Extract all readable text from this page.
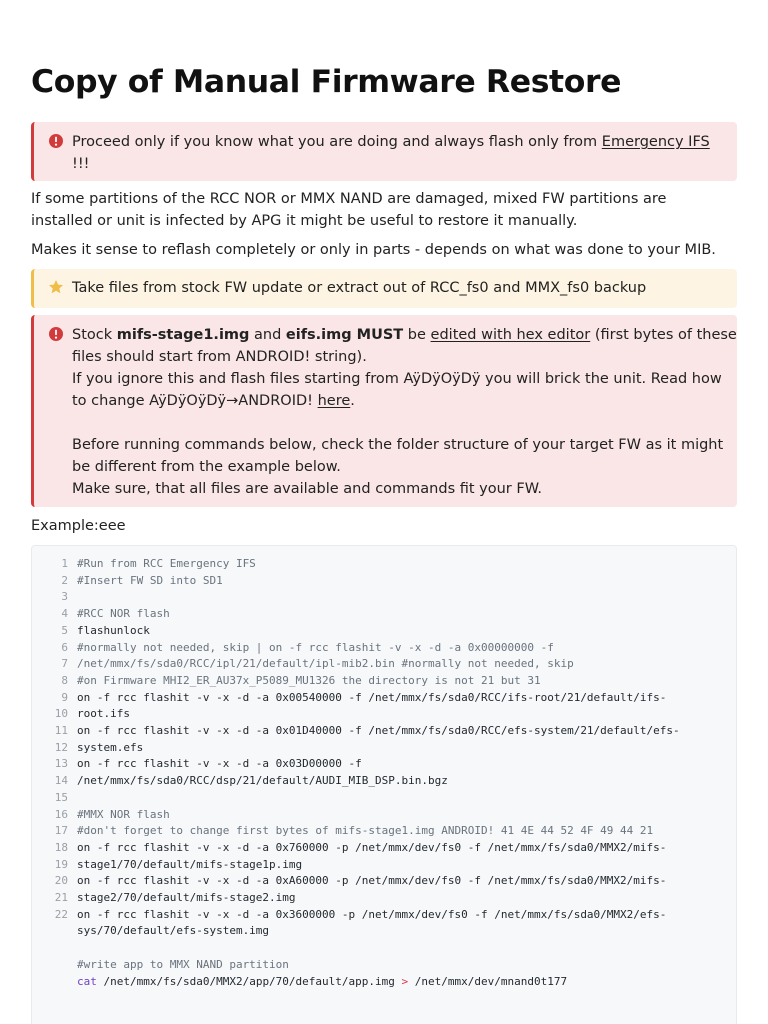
Copy of Manual Firmware Restore
Proceed only if you know what you are doing and always flash only from Emergency IFS
!!!
If some partitions of the RCC NOR or MMX NAND are damaged, mixed FW partitions are
installed or unit is infected by APG it might be useful to restore it manually.
Makes it sense to reflash completely or only in parts - depends on what was done to your MIB.
Take files from stock FW update or extract out of RCC_fs0 and MMX_fs0 backup
Stock mifs-stage1.img and eifs.img MUST be edited with hex editor (first bytes of these
files should start from ANDROID! string).
If you ignore this and flash files starting from AÿDÿOÿDÿ you will brick the unit. Read how
to change AÿDÿOÿDÿ→ANDROID! here.
Before running commands below, check the folder structure of your target FW as it might
be different from the example below.
Make sure, that all files are available and commands fit your FW.
Example:eee
1 #Run from RCC Emergency IFS
2 #Insert FW SD into SD1
3
4 #RCC NOR flash
5 flashunlock
6 #normally not needed, skip | on -f rcc flashit -v -x -d -a 0x00000000 -f
7 /net/mmx/fs/sda0/RCC/ipl/21/default/ipl-mib2.bin #normally not needed, skip
8 #on Firmware MHI2_ER_AU37x_P5089_MU1326 the directory is not 21 but 31
9 on -f rcc flashit -v -x -d -a 0x00540000 -f /net/mmx/fs/sda0/RCC/ifs-root/21/default/ifs-
10 root.ifs
11 on -f rcc flashit -v -x -d -a 0x01D40000 -f /net/mmx/fs/sda0/RCC/efs-system/21/default/efs-
12 system.efs
13 on -f rcc flashit -v -x -d -a 0x03D00000 -f
14 /net/mmx/fs/sda0/RCC/dsp/21/default/AUDI_MIB_DSP.bin.bgz
15
16 #MMX NOR flash
17 #don't forget to change first bytes of mifs-stage1.img ANDROID! 41 4E 44 52 4F 49 44 21
18 on -f rcc flashit -v -x -d -a 0x760000 -p /net/mmx/dev/fs0 -f /net/mmx/fs/sda0/MMX2/mifs-
19 stage1/70/default/mifs-stage1p.img
20 on -f rcc flashit -v -x -d -a 0xA60000 -p /net/mmx/dev/fs0 -f /net/mmx/fs/sda0/MMX2/mifs-
21 stage2/70/default/mifs-stage2.img
22 on -f rcc flashit -v -x -d -a 0x3600000 -p /net/mmx/dev/fs0 -f /net/mmx/fs/sda0/MMX2/efs-
sys/70/default/efs-system.img
#write app to MMX NAND partition
cat /net/mmx/fs/sda0/MMX2/app/70/default/app.img > /net/mmx/dev/mnand0t177
